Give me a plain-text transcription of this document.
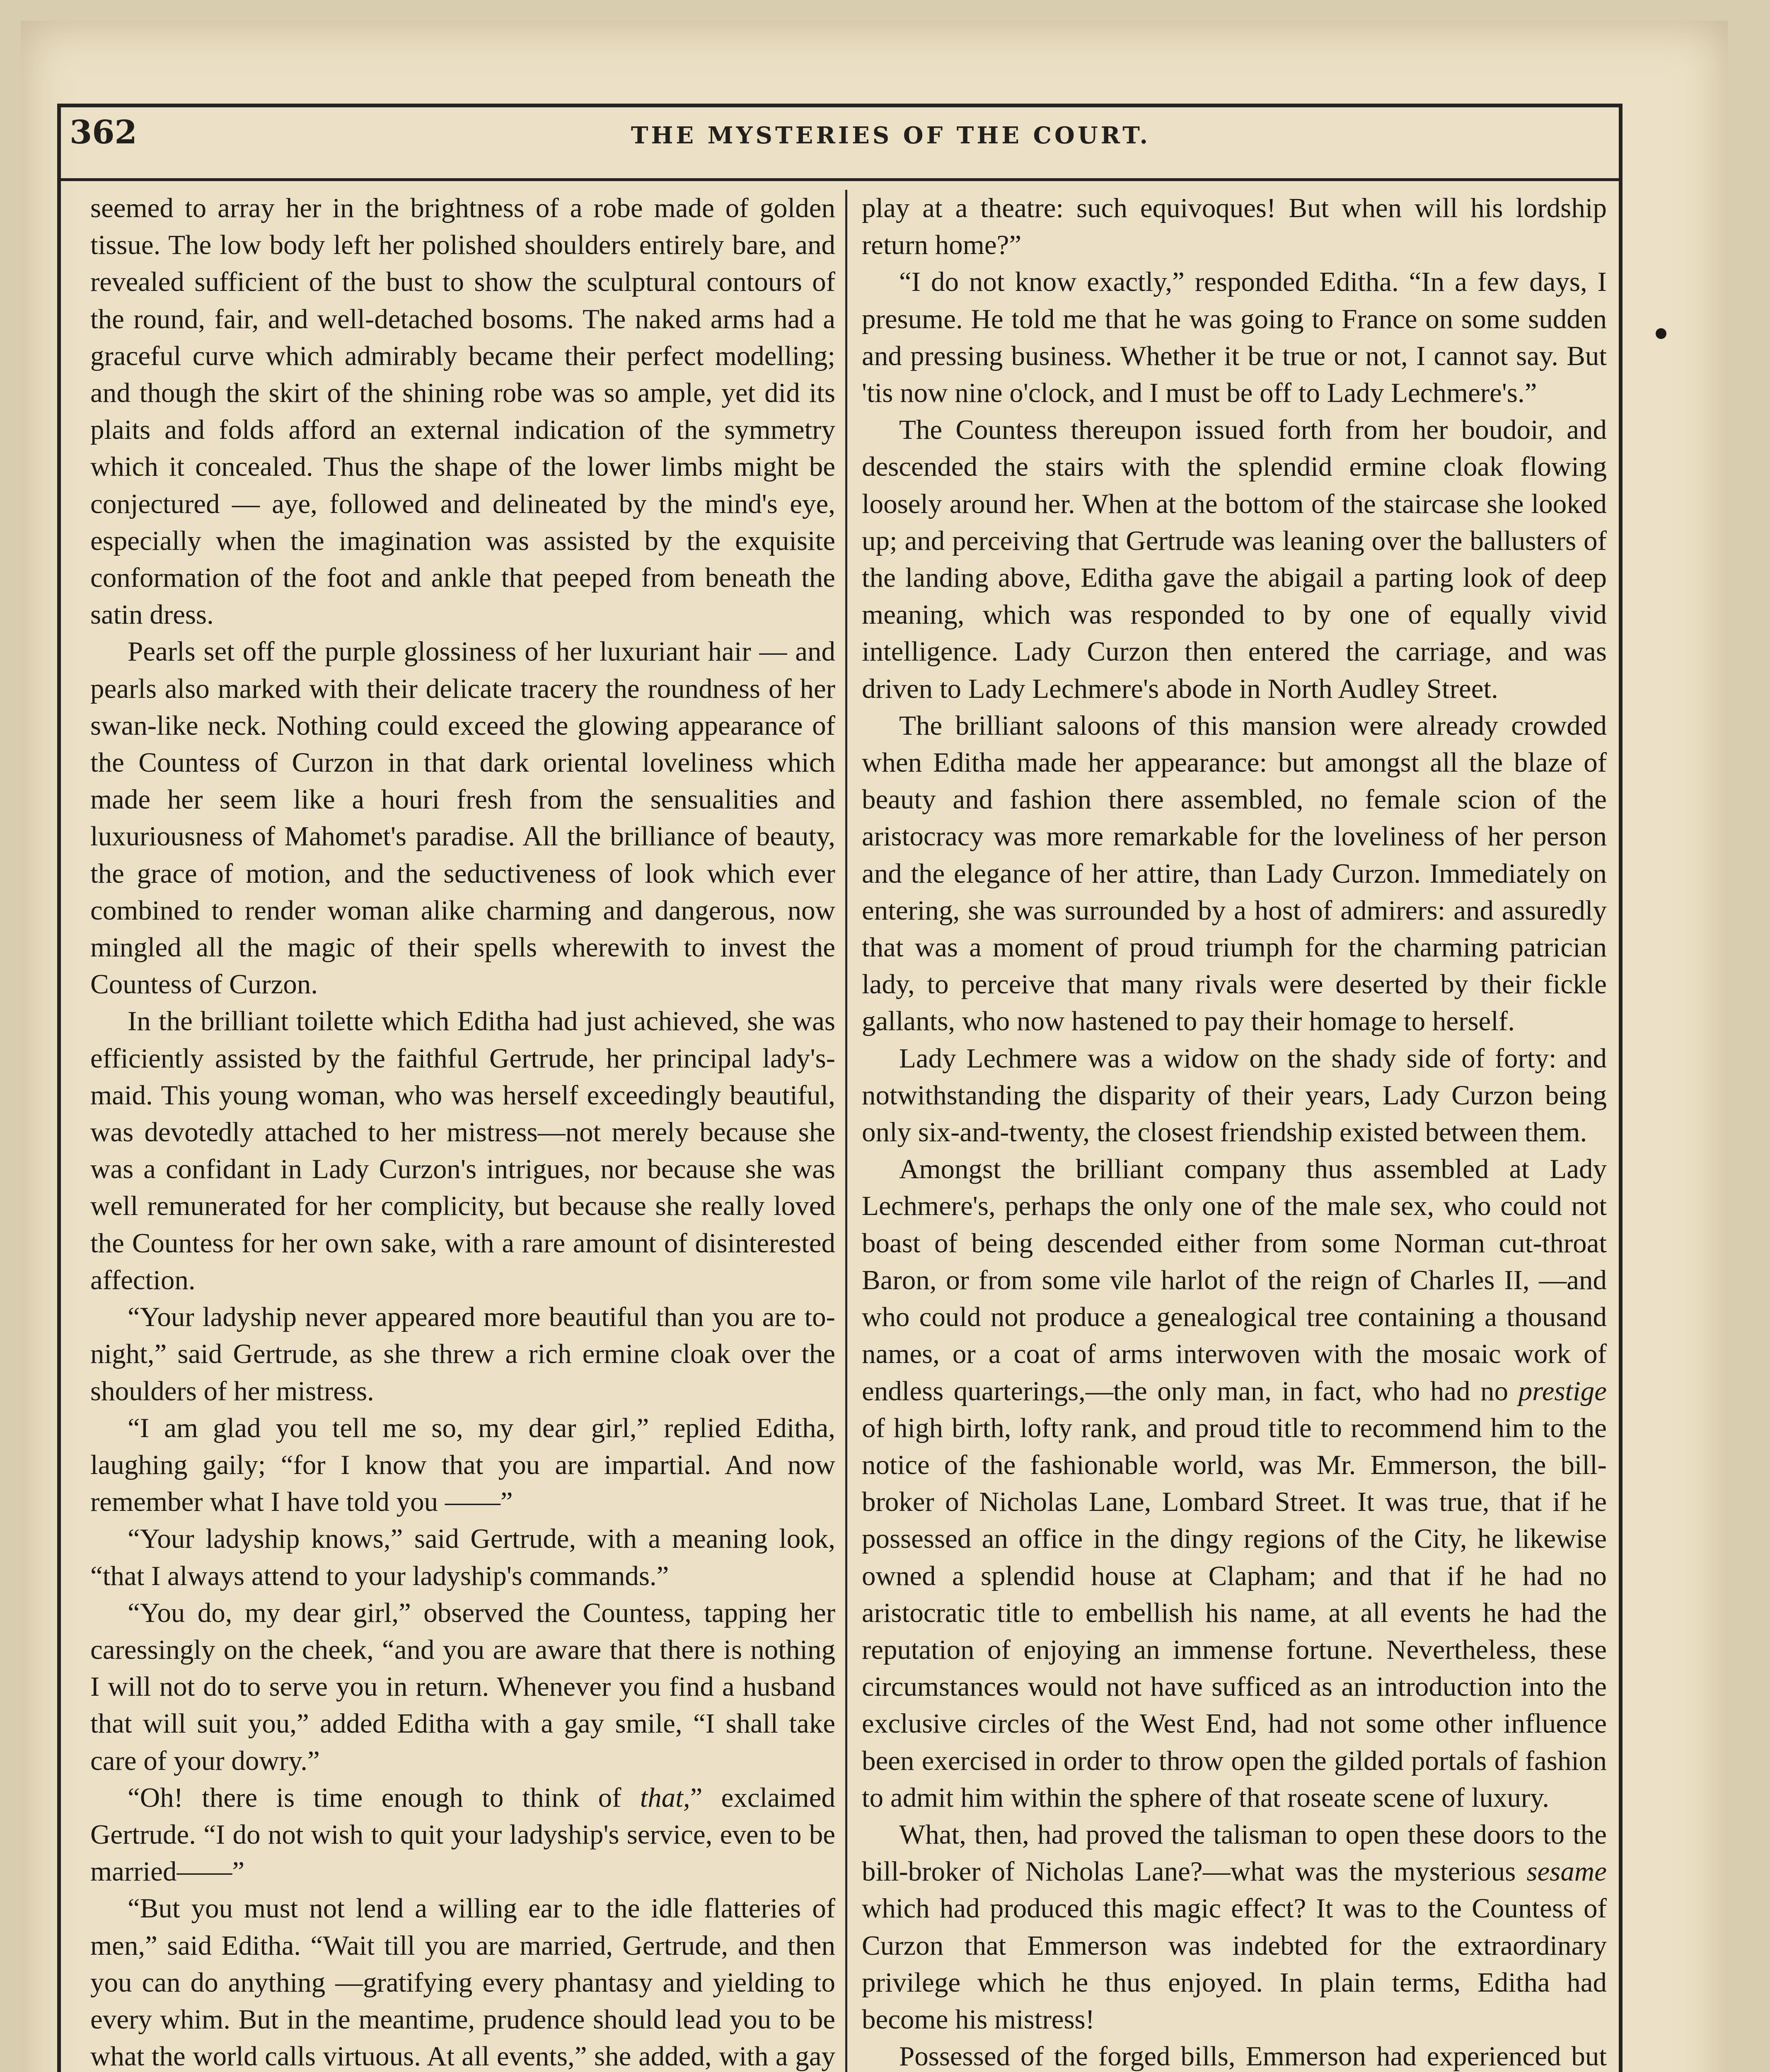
362	THE MYSTERIES OF THE COURT.

seemed to array her in the brightness of a robe made of golden tissue. The low body left her polished shoulders entirely bare, and revealed sufficient of the bust to show the sculptural contours of the round, fair, and well-detached bosoms. The naked arms had a graceful curve which admirably became their perfect modelling; and though the skirt of the shining robe was so ample, yet did its plaits and folds afford an external indication of the symmetry which it concealed. Thus the shape of the lower limbs might be conjectured — aye, followed and delineated by the mind's eye, especially when the imagination was assisted by the exquisite conformation of the foot and ankle that peeped from beneath the satin dress.

Pearls set off the purple glossiness of her luxuriant hair — and pearls also marked with their delicate tracery the roundness of her swan-like neck. Nothing could exceed the glowing appearance of the Countess of Curzon in that dark oriental loveliness which made her seem like a houri fresh from the sensualities and luxuriousness of Mahomet's paradise. All the brilliance of beauty, the grace of motion, and the seductiveness of look which ever combined to render woman alike charming and dangerous, now mingled all the magic of their spells wherewith to invest the Countess of Curzon.

In the brilliant toilette which Editha had just achieved, she was efficiently assisted by the faithful Gertrude, her principal lady's-maid. This young woman, who was herself exceedingly beautiful, was devotedly attached to her mistress—not merely because she was a confidant in Lady Curzon's intrigues, nor because she was well remunerated for her complicity, but because she really loved the Countess for her own sake, with a rare amount of disinterested affection.

“Your ladyship never appeared more beautiful than you are to-night,” said Gertrude, as she threw a rich ermine cloak over the shoulders of her mistress.

“I am glad you tell me so, my dear girl,” replied Editha, laughing gaily; “for I know that you are impartial. And now remember what I have told you ——”

“Your ladyship knows,” said Gertrude, with a meaning look, “that I always attend to your ladyship's commands.”

“You do, my dear girl,” observed the Countess, tapping her caressingly on the cheek, “and you are aware that there is nothing I will not do to serve you in return. Whenever you find a husband that will suit you,” added Editha with a gay smile, “I shall take care of your dowry.”

“Oh! there is time enough to think of that,” exclaimed Gertrude. “I do not wish to quit your ladyship's service, even to be married——”

“But you must not lend a willing ear to the idle flatteries of men,” said Editha. “Wait till you are married, Gertrude, and then you can do anything —gratifying every phantasy and yielding to every whim. But in the meantime, prudence should lead you to be what the world calls virtuous. At all events,” she added, with a gay

play at a theatre: such equivoques! But when will his lordship return home?”

“I do not know exactly,” responded Editha. “In a few days, I presume. He told me that he was going to France on some sudden and pressing business. Whether it be true or not, I cannot say. But 'tis now nine o'clock, and I must be off to Lady Lechmere's.”

The Countess thereupon issued forth from her boudoir, and descended the stairs with the splendid ermine cloak flowing loosely around her. When at the bottom of the staircase she looked up; and perceiving that Gertrude was leaning over the ballusters of the landing above, Editha gave the abigail a parting look of deep meaning, which was responded to by one of equally vivid intelligence. Lady Curzon then entered the carriage, and was driven to Lady Lechmere's abode in North Audley Street.

The brilliant saloons of this mansion were already crowded when Editha made her appearance: but amongst all the blaze of beauty and fashion there assembled, no female scion of the aristocracy was more remarkable for the loveliness of her person and the elegance of her attire, than Lady Curzon. Immediately on entering, she was surrounded by a host of admirers: and assuredly that was a moment of proud triumph for the charming patrician lady, to perceive that many rivals were deserted by their fickle gallants, who now hastened to pay their homage to herself.

Lady Lechmere was a widow on the shady side of forty: and notwithstanding the disparity of their years, Lady Curzon being only six-and-twenty, the closest friendship existed between them.

Amongst the brilliant company thus assembled at Lady Lechmere's, perhaps the only one of the male sex, who could not boast of being descended either from some Norman cut-throat Baron, or from some vile harlot of the reign of Charles II, —and who could not produce a genealogical tree containing a thousand names, or a coat of arms interwoven with the mosaic work of endless quarterings,—the only man, in fact, who had no prestige of high birth, lofty rank, and proud title to recommend him to the notice of the fashionable world, was Mr. Emmerson, the bill-broker of Nicholas Lane, Lombard Street. It was true, that if he possessed an office in the dingy regions of the City, he likewise owned a splendid house at Clapham; and that if he had no aristocratic title to embellish his name, at all events he had the reputation of enjoying an immense fortune. Nevertheless, these circumstances would not have sufficed as an introduction into the exclusive circles of the West End, had not some other influence been exercised in order to throw open the gilded portals of fashion to admit him within the sphere of that roseate scene of luxury.

What, then, had proved the talisman to open these doors to the bill-broker of Nicholas Lane?—what was the mysterious sesame which had produced this magic effect? It was to the Countess of Curzon that Emmerson was indebted for the extraordinary privilege which he thus enjoyed. In plain terms, Editha had become his mistress!

Possessed of the forged bills, Emmerson had experienced but
